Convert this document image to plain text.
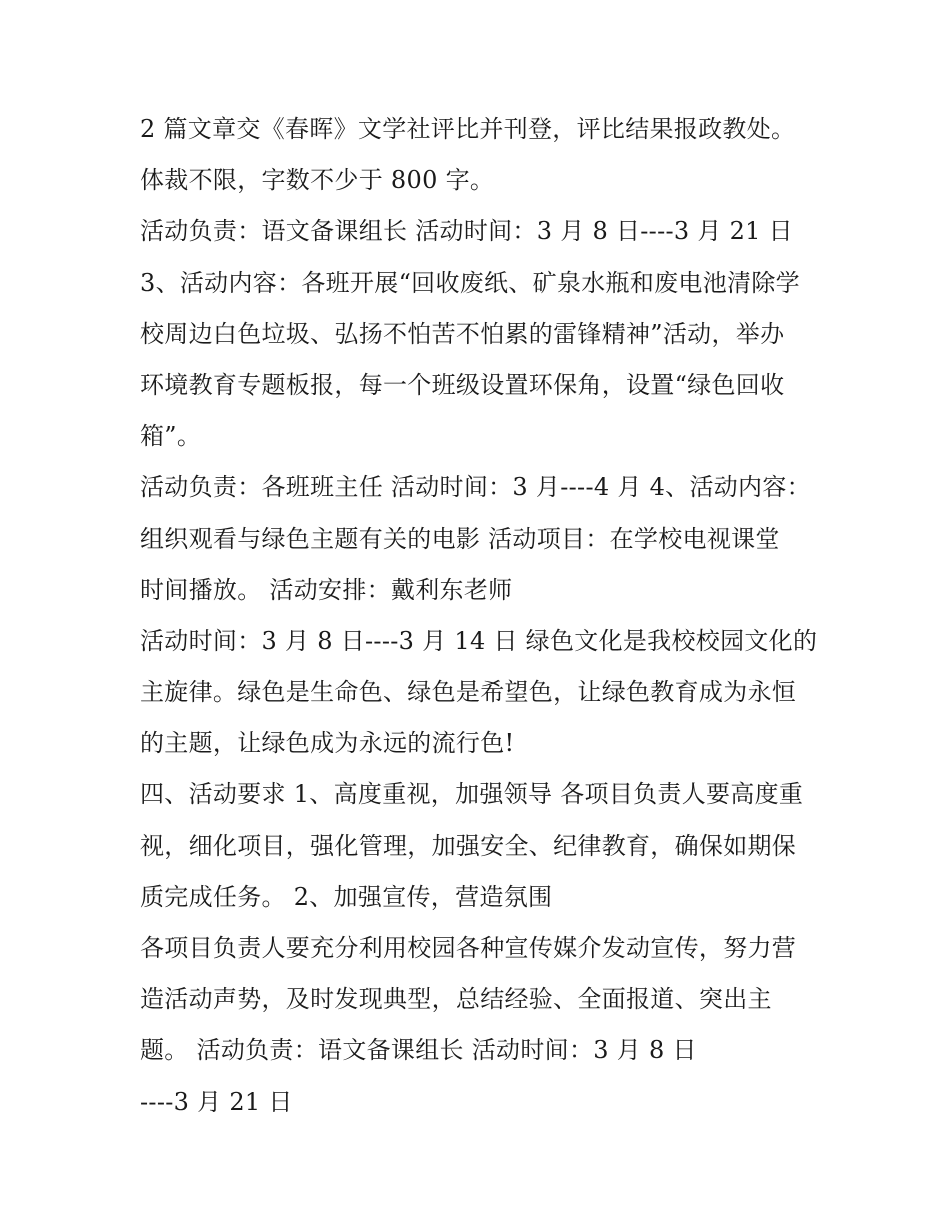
2 篇文章交《春晖》文学社评比并刊登，评比结果报政教处。
体裁不限，字数不少于 800 字。
活动负责：语文备课组长 活动时间：3 月 8 日----3 月 21 日
3、活动内容：各班开展“回收废纸、矿泉水瓶和废电池清除学
校周边白色垃圾、弘扬不怕苦不怕累的雷锋精神”活动，举办
环境教育专题板报，每一个班级设置环保角，设置“绿色回收
箱”。
活动负责：各班班主任 活动时间：3 月----4 月 4、活动内容：
组织观看与绿色主题有关的电影 活动项目：在学校电视课堂
时间播放。 活动安排：戴利东老师
活动时间：3 月 8 日----3 月 14 日 绿色文化是我校校园文化的
主旋律。绿色是生命色、绿色是希望色，让绿色教育成为永恒
的主题，让绿色成为永远的流行色!
四、活动要求 1、高度重视，加强领导 各项目负责人要高度重
视，细化项目，强化管理，加强安全、纪律教育，确保如期保
质完成任务。 2、加强宣传，营造氛围
各项目负责人要充分利用校园各种宣传媒介发动宣传，努力营
造活动声势，及时发现典型，总结经验、全面报道、突出主
题。 活动负责：语文备课组长 活动时间：3 月 8 日
----3 月 21 日
